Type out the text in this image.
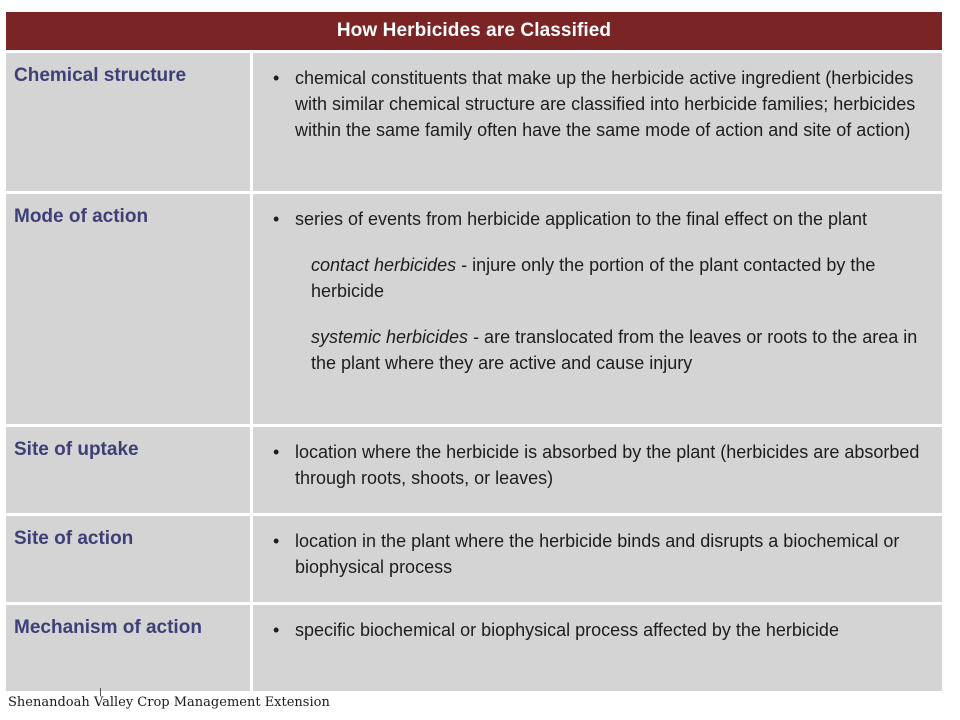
How Herbicides are Classified
Chemical structure	• chemical constituents that make up the herbicide active ingredient (herbicides with similar chemical structure are classified into herbicide families; herbicides within the same family often have the same mode of action and site of action)
Mode of action	• series of events from herbicide application to the final effect on the plant
contact herbicides - injure only the portion of the plant contacted by the herbicide
systemic herbicides - are translocated from the leaves or roots to the area in the plant where they are active and cause injury
Site of uptake	• location where the herbicide is absorbed by the plant (herbicides are absorbed through roots, shoots, or leaves)
Site of action	• location in the plant where the herbicide binds and disrupts a biochemical or biophysical process
Mechanism of action	• specific biochemical or biophysical process affected by the herbicide
Shenandoah Valley Crop Management Extension
